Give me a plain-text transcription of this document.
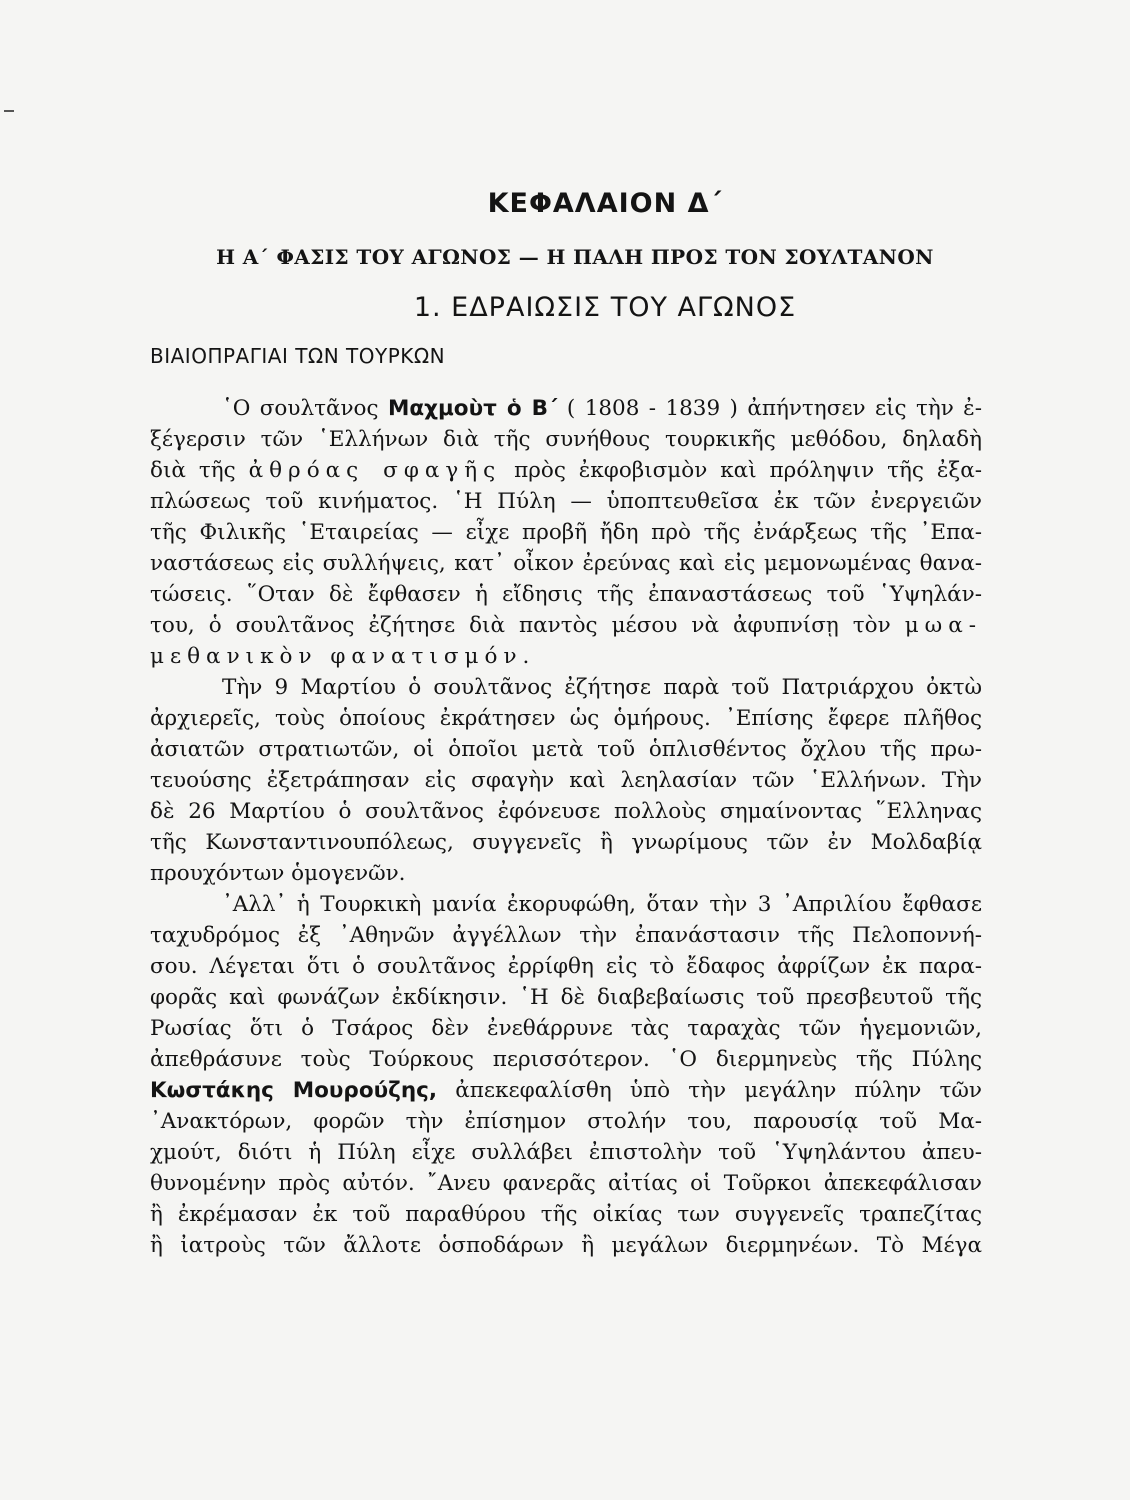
ΚΕΦΑΛΑΙΟΝ Δ΄
Η Α΄ ΦΑΣΙΣ ΤΟΥ ΑΓΩΝΟΣ — Η ΠΑΛΗ ΠΡΟΣ ΤΟΝ ΣΟΥΛΤΑΝΟΝ
1. ΕΔΡΑΙΩΣΙΣ ΤΟΥ ΑΓΩΝΟΣ
ΒΙΑΙΟΠΡΑΓΙΑΙ ΤΩΝ ΤΟΥΡΚΩΝ
῾Ο σουλτᾶνος Μαχμοὺτ ὁ Β΄ ( 1808 - 1839 ) ἀπήντησεν εἰς τὴν ἐ-
ξέγερσιν τῶν ῾Ελλήνων διὰ τῆς συνήθους τουρκικῆς μεθόδου, δηλαδὴ
διὰ τῆς ἀθρόας σφαγῆς πρὸς ἐκφοβισμὸν καὶ πρόληψιν τῆς ἐξα-
πλώσεως τοῦ κινήματος. ῾Η Πύλη — ὑποπτευθεῖσα ἐκ τῶν ἐνεργειῶν
τῆς Φιλικῆς ῾Εταιρείας — εἶχε προβῆ ἤδη πρὸ τῆς ἐνάρξεως τῆς ᾽Επα-
ναστάσεως εἰς συλλήψεις, κατ᾽ οἶκον ἐρεύνας καὶ εἰς μεμονωμένας θανα-
τώσεις. ῞Οταν δὲ ἔφθασεν ἡ εἴδησις τῆς ἐπαναστάσεως τοῦ ῾Υψηλάν-
του, ὁ σουλτᾶνος ἐζήτησε διὰ παντὸς μέσου νὰ ἀφυπνίσῃ τὸν μωα-
μεθανικὸν φανατισμόν.
Τὴν 9 Μαρτίου ὁ σουλτᾶνος ἐζήτησε παρὰ τοῦ Πατριάρχου ὀκτὼ
ἀρχιερεῖς, τοὺς ὁποίους ἐκράτησεν ὡς ὁμήρους. ᾽Επίσης ἔφερε πλῆθος
ἀσιατῶν στρατιωτῶν, οἱ ὁποῖοι μετὰ τοῦ ὁπλισθέντος ὄχλου τῆς πρω-
τευούσης ἐξετράπησαν εἰς σφαγὴν καὶ λεηλασίαν τῶν ῾Ελλήνων. Τὴν
δὲ 26 Μαρτίου ὁ σουλτᾶνος ἐφόνευσε πολλοὺς σημαίνοντας ῞Ελληνας
τῆς Κωνσταντινουπόλεως, συγγενεῖς ἢ γνωρίμους τῶν ἐν Μολδαβίᾳ
προυχόντων ὁμογενῶν.
᾽Αλλ᾽ ἡ Τουρκικὴ μανία ἐκορυφώθη, ὅταν τὴν 3 ᾽Απριλίου ἔφθασε
ταχυδρόμος ἐξ ᾽Αθηνῶν ἀγγέλλων τὴν ἐπανάστασιν τῆς Πελοποννή-
σου. Λέγεται ὅτι ὁ σουλτᾶνος ἐρρίφθη εἰς τὸ ἔδαφος ἀφρίζων ἐκ παρα-
φορᾶς καὶ φωνάζων ἐκδίκησιν. ῾Η δὲ διαβεβαίωσις τοῦ πρεσβευτοῦ τῆς
Ρωσίας ὅτι ὁ Τσάρος δὲν ἐνεθάρρυνε τὰς ταραχὰς τῶν ἡγεμονιῶν,
ἀπεθράσυνε τοὺς Τούρκους περισσότερον. ῾Ο διερμηνεὺς τῆς Πύλης
Κωστάκης Μουρούζης, ἀπεκεφαλίσθη ὑπὸ τὴν μεγάλην πύλην τῶν
᾽Ανακτόρων, φορῶν τὴν ἐπίσημον στολήν του, παρουσίᾳ τοῦ Μα-
χμούτ, διότι ἡ Πύλη εἶχε συλλάβει ἐπιστολὴν τοῦ ῾Υψηλάντου ἀπευ-
θυνομένην πρὸς αὐτόν. ῎Ανευ φανερᾶς αἰτίας οἱ Τοῦρκοι ἀπεκεφάλισαν
ἢ ἐκρέμασαν ἐκ τοῦ παραθύρου τῆς οἰκίας των συγγενεῖς τραπεζίτας
ἢ ἰατροὺς τῶν ἄλλοτε ὁσποδάρων ἢ μεγάλων διερμηνέων. Τὸ Μέγα
